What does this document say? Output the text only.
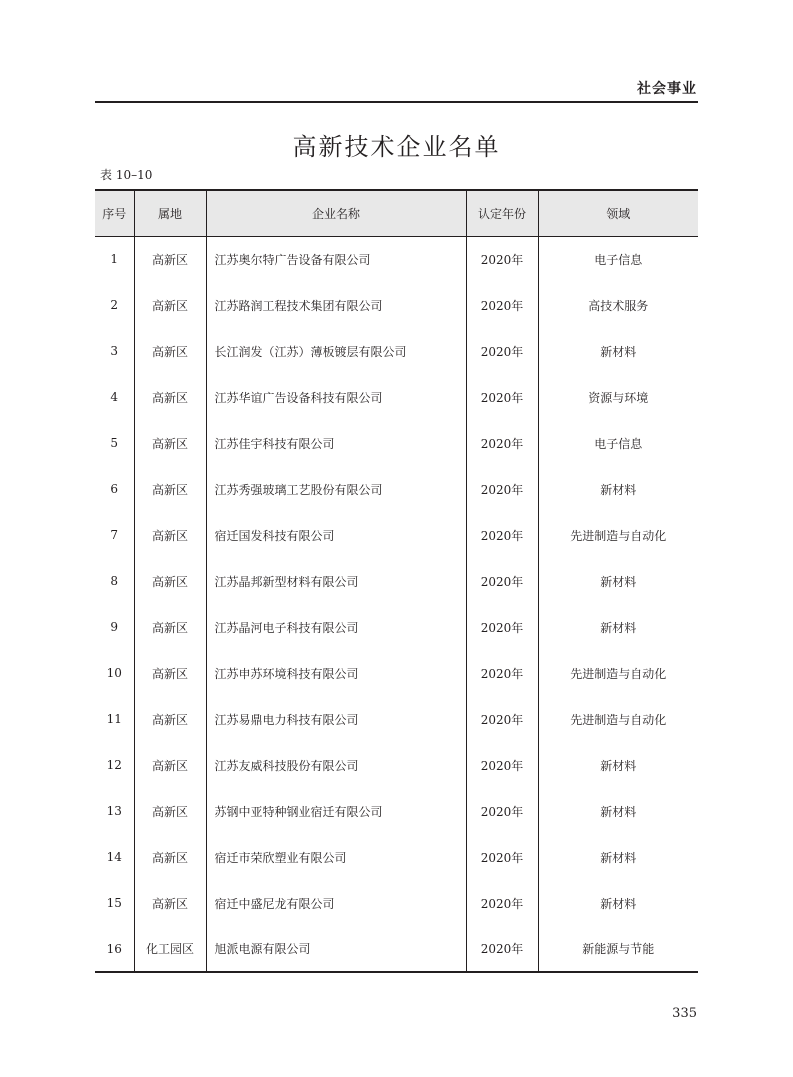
社会事业
高新技术企业名单
表 10–10
序号	属地	企业名称	认定年份	领域
1	高新区	江苏奥尔特广告设备有限公司	2020年	电子信息
2	高新区	江苏路润工程技术集团有限公司	2020年	高技术服务
3	高新区	长江润发（江苏）薄板镀层有限公司	2020年	新材料
4	高新区	江苏华谊广告设备科技有限公司	2020年	资源与环境
5	高新区	江苏佳宇科技有限公司	2020年	电子信息
6	高新区	江苏秀强玻璃工艺股份有限公司	2020年	新材料
7	高新区	宿迁国发科技有限公司	2020年	先进制造与自动化
8	高新区	江苏晶邦新型材料有限公司	2020年	新材料
9	高新区	江苏晶河电子科技有限公司	2020年	新材料
10	高新区	江苏申苏环境科技有限公司	2020年	先进制造与自动化
11	高新区	江苏易鼎电力科技有限公司	2020年	先进制造与自动化
12	高新区	江苏友威科技股份有限公司	2020年	新材料
13	高新区	苏钢中亚特种钢业宿迁有限公司	2020年	新材料
14	高新区	宿迁市荣欣塑业有限公司	2020年	新材料
15	高新区	宿迁中盛尼龙有限公司	2020年	新材料
16	化工园区	旭派电源有限公司	2020年	新能源与节能
335
